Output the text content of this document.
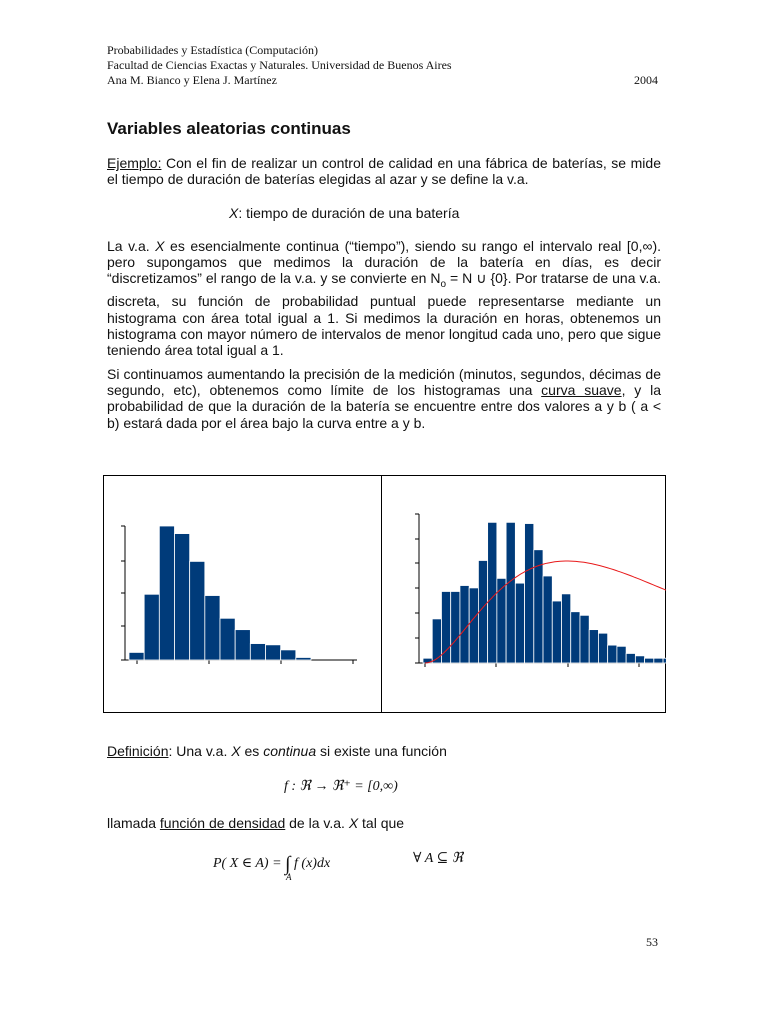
Probabilidades y Estadística (Computación)
Facultad de Ciencias Exactas y Naturales. Universidad de Buenos Aires
Ana M. Bianco y Elena J. Martínez	2004
Variables aleatorias continuas
Ejemplo: Con el fin de realizar un control de calidad en una fábrica de baterías, se mide el tiempo de duración de baterías elegidas al azar y se define la v.a.
X: tiempo de duración de una batería
La v.a. X es esencialmente continua (“tiempo”), siendo su rango el intervalo real [0,∞). pero supongamos que medimos la duración de la batería en días, es decir “discretizamos” el rango de la v.a. y se convierte en $N_o = N$ ∪ {0}. Por tratarse de una v.a. discreta, su función de probabilidad puntual puede representarse mediante un histograma con área total igual a 1. Si medimos la duración en horas, obtenemos un histograma con mayor número de intervalos de menor longitud cada uno, pero que sigue teniendo área total igual a 1.
Si continuamos aumentando la precisión de la medición (minutos, segundos, décimas de segundo, etc), obtenemos como límite de los histogramas una curva suave, y la probabilidad de que la duración de la batería se encuentre entre dos valores a y b ( a < b) estará dada por el área bajo la curva entre a y b.
Definición: Una v.a. X es continua si existe una función
f : ℜ → ℜ⁺ = [0,∞)
llamada función de densidad de la v.a. X tal que
P( X ∈ A) = ∫ f (x)dx
A
∀ A ⊆ ℜ
53
